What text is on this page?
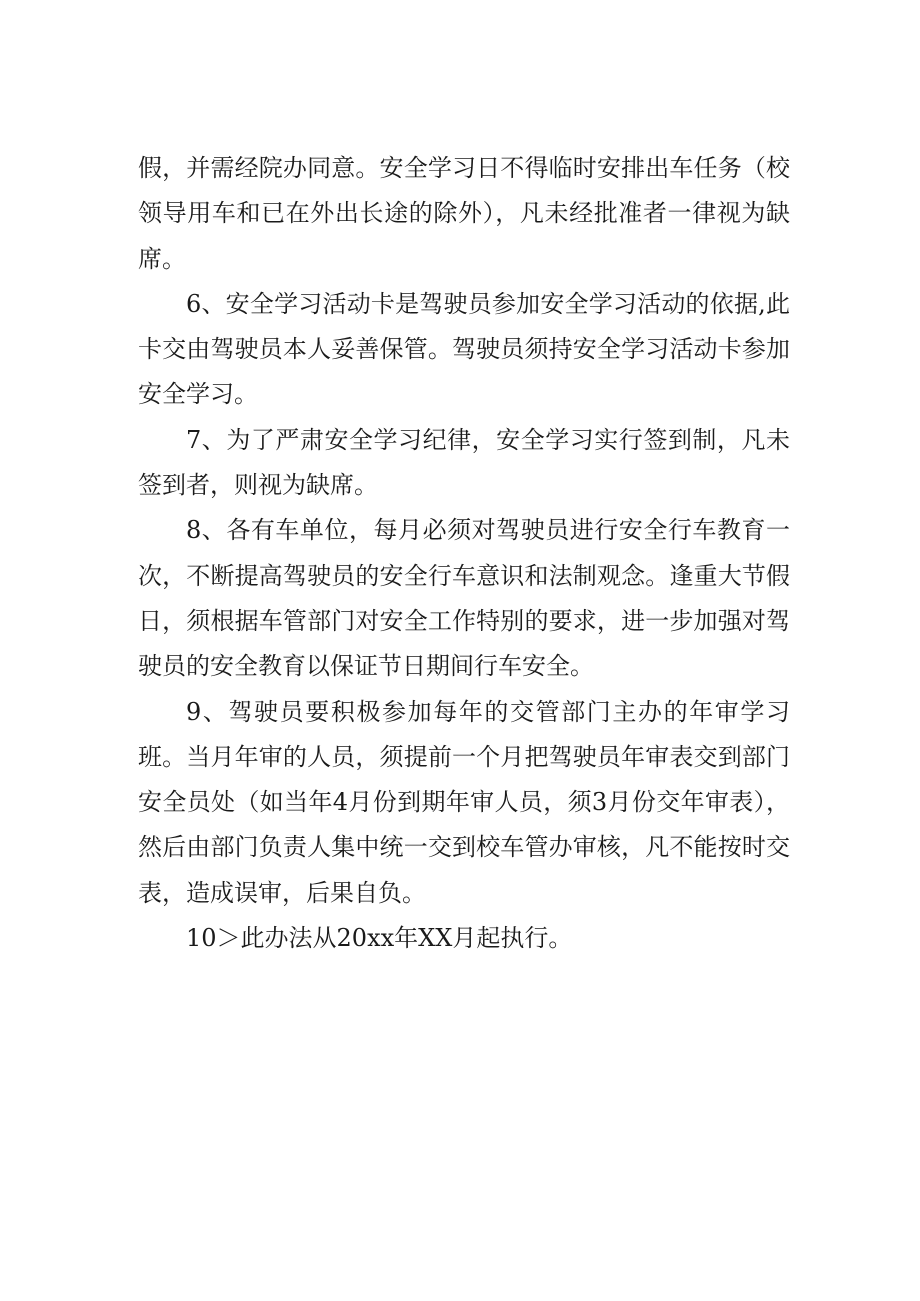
假，并需经院办同意。安全学习日不得临时安排出车任务（校领导用车和已在外出长途的除外），凡未经批准者一律视为缺席。

6、安全学习活动卡是驾驶员参加安全学习活动的依据,此卡交由驾驶员本人妥善保管。驾驶员须持安全学习活动卡参加安全学习。

7、为了严肃安全学习纪律，安全学习实行签到制，凡未签到者，则视为缺席。

8、各有车单位，每月必须对驾驶员进行安全行车教育一次，不断提高驾驶员的安全行车意识和法制观念。逢重大节假日，须根据车管部门对安全工作特别的要求，进一步加强对驾驶员的安全教育以保证节日期间行车安全。

9、驾驶员要积极参加每年的交管部门主办的年审学习班。当月年审的人员，须提前一个月把驾驶员年审表交到部门安全员处（如当年4月份到期年审人员，须3月份交年审表），然后由部门负责人集中统一交到校车管办审核，凡不能按时交表，造成误审，后果自负。

10＞此办法从20xx年XX月起执行。
